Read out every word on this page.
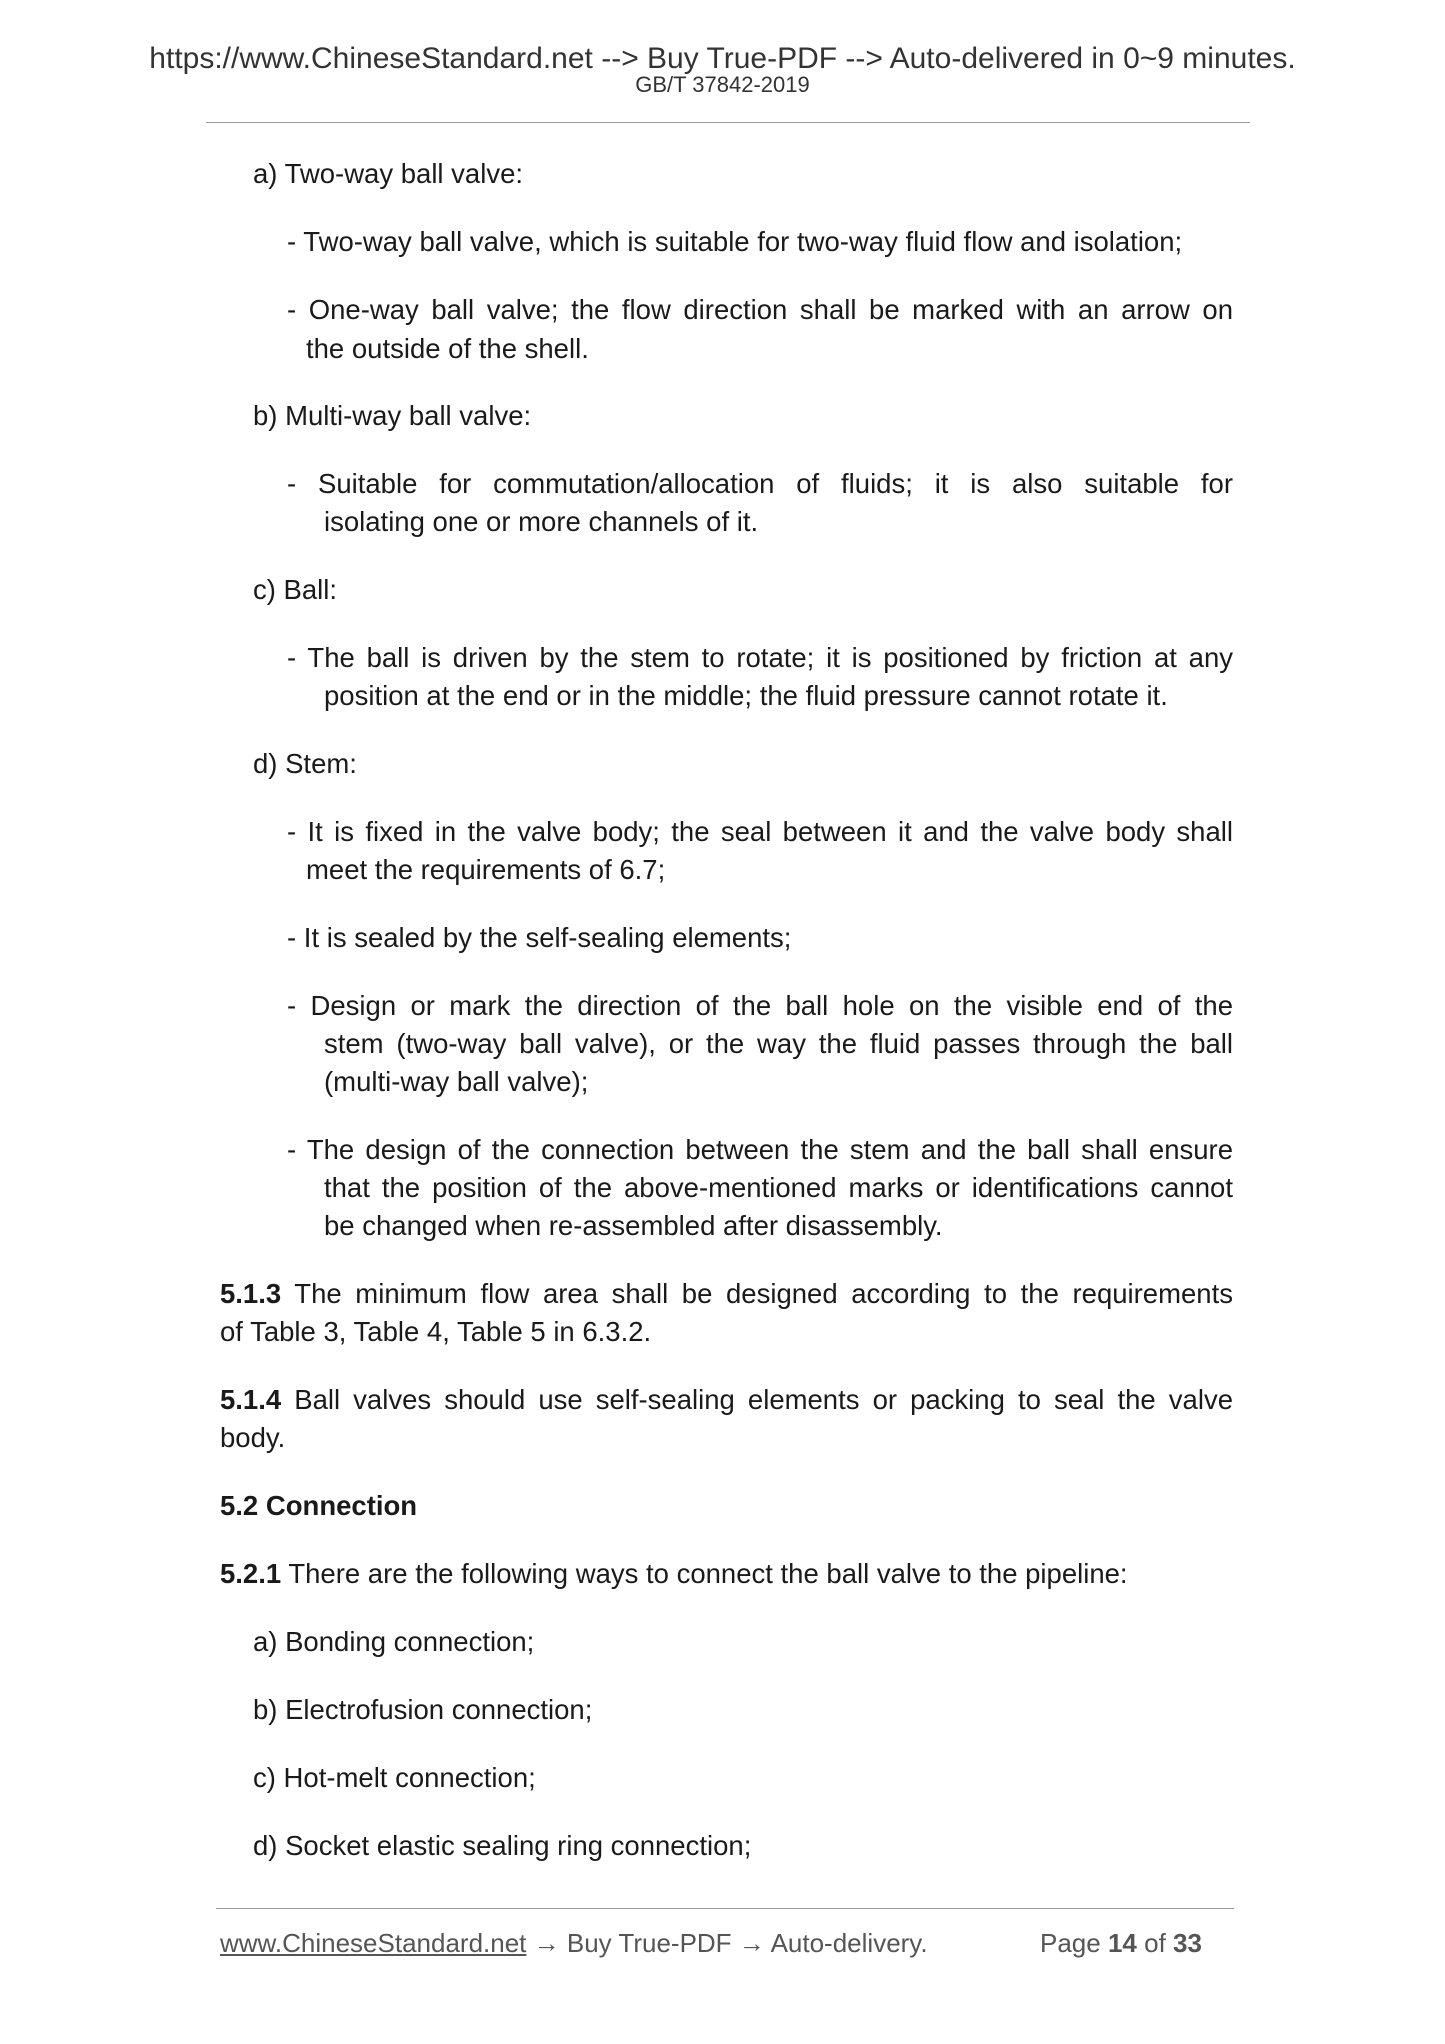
https://www.ChineseStandard.net --> Buy True-PDF --> Auto-delivered in 0~9 minutes.
GB/T 37842-2019
a) Two-way ball valve:
- Two-way ball valve, which is suitable for two-way fluid flow and isolation;
- One-way ball valve; the flow direction shall be marked with an arrow on
the outside of the shell.
b) Multi-way ball valve:
- Suitable for commutation/allocation of fluids; it is also suitable for
isolating one or more channels of it.
c) Ball:
- The ball is driven by the stem to rotate; it is positioned by friction at any
position at the end or in the middle; the fluid pressure cannot rotate it.
d) Stem:
- It is fixed in the valve body; the seal between it and the valve body shall
meet the requirements of 6.7;
- It is sealed by the self-sealing elements;
- Design or mark the direction of the ball hole on the visible end of the
stem (two-way ball valve), or the way the fluid passes through the ball
(multi-way ball valve);
- The design of the connection between the stem and the ball shall ensure
that the position of the above-mentioned marks or identifications cannot
be changed when re-assembled after disassembly.
5.1.3 The minimum flow area shall be designed according to the requirements
of Table 3, Table 4, Table 5 in 6.3.2.
5.1.4 Ball valves should use self-sealing elements or packing to seal the valve
body.
5.2 Connection
5.2.1 There are the following ways to connect the ball valve to the pipeline:
a) Bonding connection;
b) Electrofusion connection;
c) Hot-melt connection;
d) Socket elastic sealing ring connection;
www.ChineseStandard.net → Buy True-PDF → Auto-delivery.	Page 14 of 33
